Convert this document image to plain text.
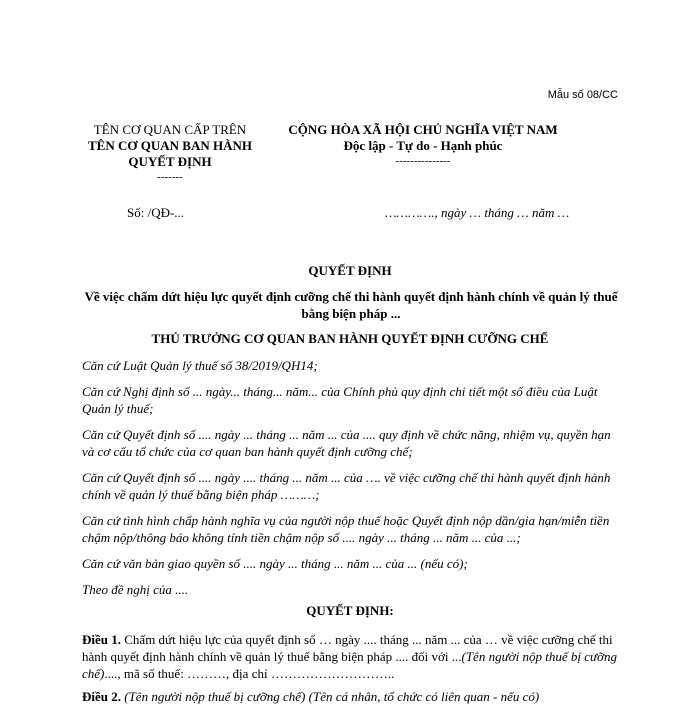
Mẫu số 08/CC
TÊN CƠ QUAN CẤP TRÊN
TÊN CƠ QUAN BAN HÀNH
QUYẾT ĐỊNH
-------
CỘNG HÒA XÃ HỘI CHỦ NGHĨA VIỆT NAM
Độc lập - Tự do - Hạnh phúc
---------------
Số: /QĐ-...	…………., ngày … tháng … năm …
QUYẾT ĐỊNH
Về việc chấm dứt hiệu lực quyết định cưỡng chế thi hành quyết định hành chính về quản lý thuế bằng biện pháp ...
THỦ TRƯỞNG CƠ QUAN BAN HÀNH QUYẾT ĐỊNH CƯỠNG CHẾ

Căn cứ Luật Quản lý thuế số 38/2019/QH14;

Căn cứ Nghị định số ... ngày... tháng... năm... của Chính phủ quy định chi tiết một số điều của Luật Quản lý thuế;

Căn cứ Quyết định số .... ngày ... tháng ... năm ... của .... quy định về chức năng, nhiệm vụ, quyền hạn và cơ cấu tổ chức của cơ quan ban hành quyết định cưỡng chế;

Căn cứ Quyết định số .... ngày .... tháng ... năm ... của …. về việc cưỡng chế thi hành quyết định hành chính về quản lý thuế bằng biện pháp ………;

Căn cứ tình hình chấp hành nghĩa vụ của người nộp thuế hoặc Quyết định nộp dần/gia hạn/miễn tiền chậm nộp/thông báo không tính tiền chậm nộp số .... ngày ... tháng ... năm ... của ...;

Căn cứ văn bản giao quyền số .... ngày ... tháng ... năm ... của ... (nếu có);

Theo đề nghị của ....

QUYẾT ĐỊNH:
Điều 1. Chấm dứt hiệu lực của quyết định số … ngày .... tháng ... năm ... của … về việc cưỡng chế thi hành quyết định hành chính về quản lý thuế bằng biện pháp .... đối với ...(Tên người nộp thuế bị cưỡng chế)...., mã số thuế: ………, địa chỉ ………………………..
Điều 2. (Tên người nộp thuế bị cưỡng chế) (Tên cá nhân, tổ chức có liên quan - nếu có)
